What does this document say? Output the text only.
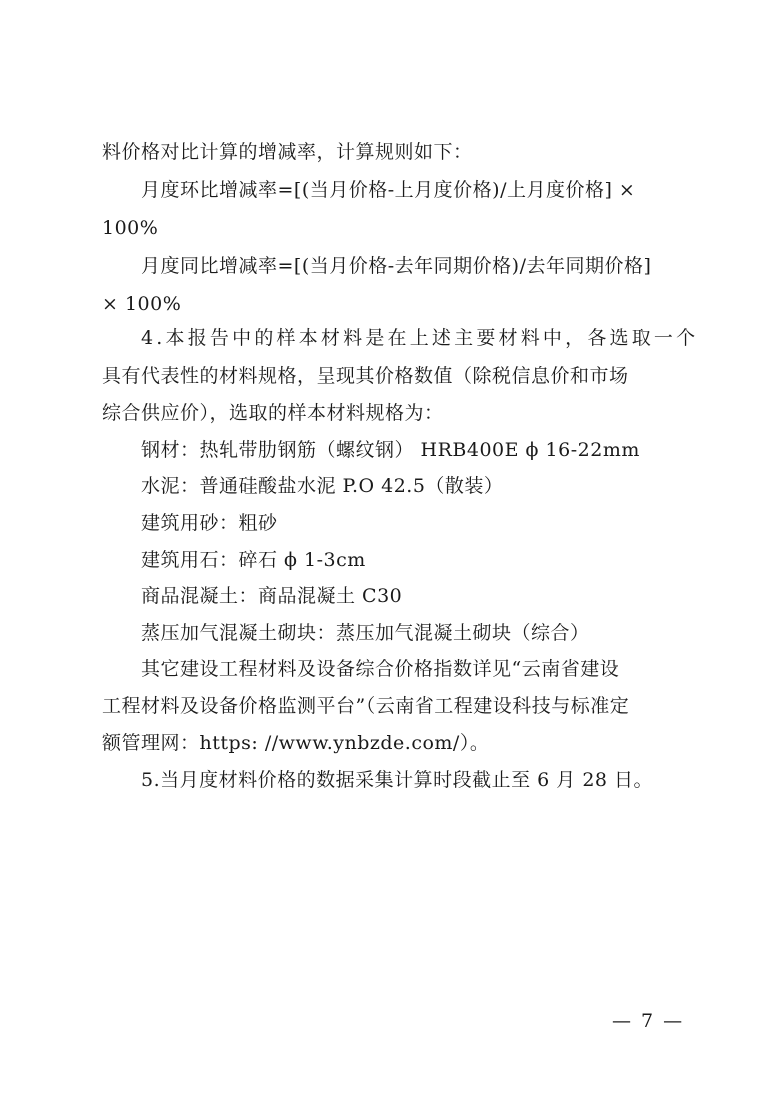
料价格对比计算的增减率，计算规则如下：
月度环比增减率=[(当月价格-上月度价格)/上月度价格] ×
100%
月度同比增减率=[(当月价格-去年同期价格)/去年同期价格]
× 100%
4.本报告中的样本材料是在上述主要材料中，各选取一个
具有代表性的材料规格，呈现其价格数值（除税信息价和市场
综合供应价），选取的样本材料规格为：
钢材：热轧带肋钢筋（螺纹钢） HRB400E ϕ 16-22mm
水泥：普通硅酸盐水泥 P.O 42.5（散装）
建筑用砂：粗砂
建筑用石：碎石 ϕ 1-3cm
商品混凝土：商品混凝土 C30
蒸压加气混凝土砌块：蒸压加气混凝土砌块（综合）
其它建设工程材料及设备综合价格指数详见“云南省建设
工程材料及设备价格监测平台”（云南省工程建设科技与标准定
额管理网：https: //www.ynbzde.com/）。
5.当月度材料价格的数据采集计算时段截止至 6 月 28 日。
— 7 —
